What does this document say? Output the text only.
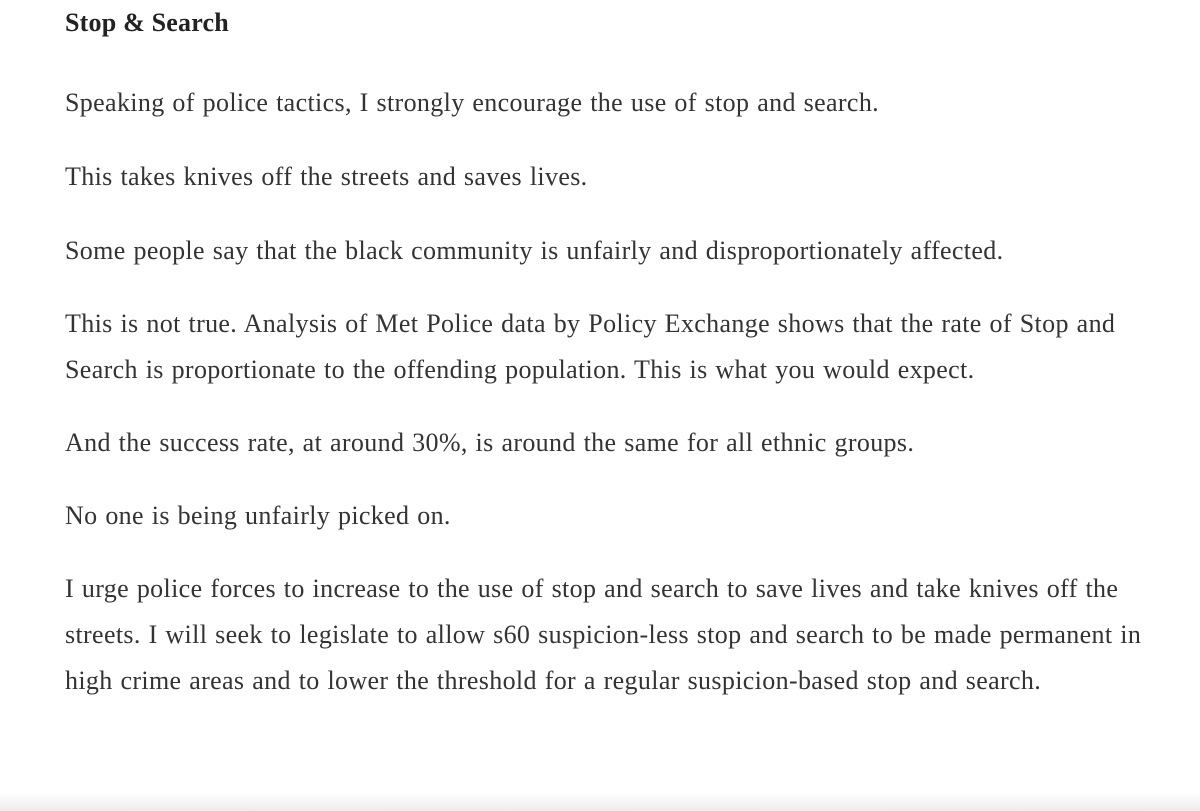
Stop & Search

Speaking of police tactics, I strongly encourage the use of stop and search.

This takes knives off the streets and saves lives.

Some people say that the black community is unfairly and disproportionately affected.

This is not true. Analysis of Met Police data by Policy Exchange shows that the rate of Stop and Search is proportionate to the offending population. This is what you would expect.

And the success rate, at around 30%, is around the same for all ethnic groups.

No one is being unfairly picked on.

I urge police forces to increase to the use of stop and search to save lives and take knives off the streets. I will seek to legislate to allow s60 suspicion-less stop and search to be made permanent in high crime areas and to lower the threshold for a regular suspicion-based stop and search.
